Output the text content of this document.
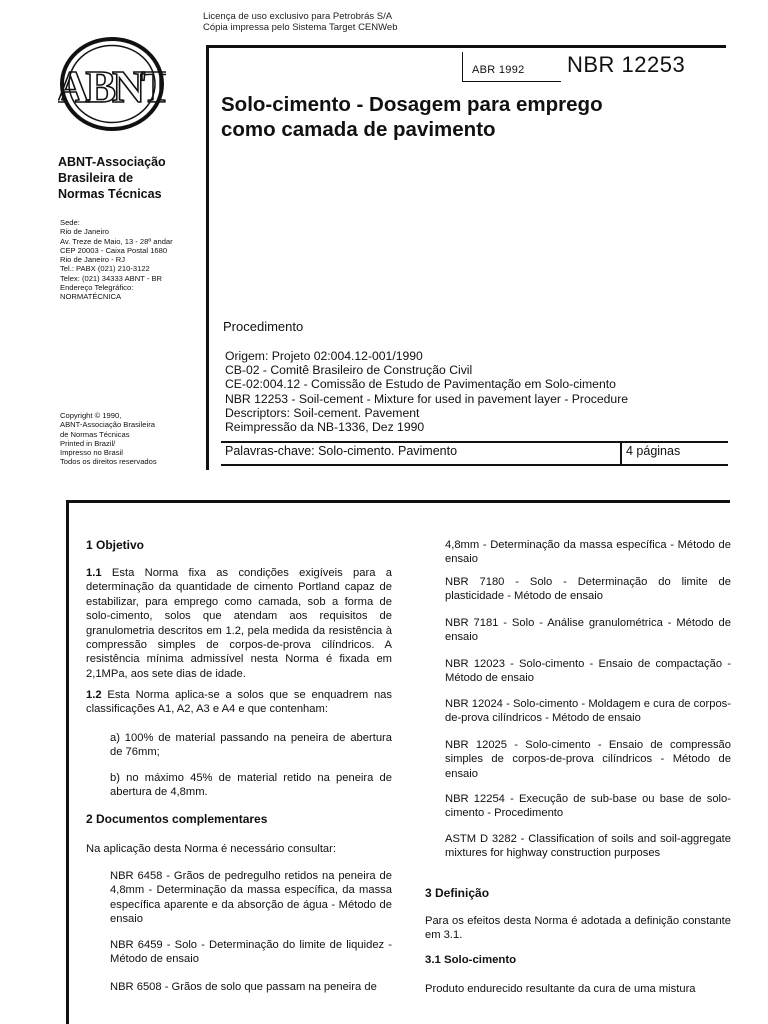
Licença de uso exclusivo para Petrobrás S/A
Cópia impressa pelo Sistema Target CENWeb
ABNT
ABNT-Associação
Brasileira de
Normas Técnicas
Sede:
Rio de Janeiro
Av. Treze de Maio, 13 - 28º andar
CEP 20003 - Caixa Postal 1680
Rio de Janeiro - RJ
Tel.: PABX (021) 210-3122
Telex: (021) 34333 ABNT - BR
Endereço Telegráfico:
NORMATÉCNICA
Copyright © 1990,
ABNT-Associação Brasileira
de Normas Técnicas
Printed in Brazil/
Impresso no Brasil
Todos os direitos reservados
ABR 1992 NBR 12253
Solo-cimento - Dosagem para emprego
como camada de pavimento
Procedimento
Origem: Projeto 02:004.12-001/1990
CB-02 - Comitê Brasileiro de Construção Civil
CE-02:004.12 - Comissão de Estudo de Pavimentação em Solo-cimento
NBR 12253 - Soil-cement - Mixture for used in pavement layer - Procedure
Descriptors: Soil-cement. Pavement
Reimpressão da NB-1336, Dez 1990
Palavras-chave: Solo-cimento. Pavimento	4 páginas
1 Objetivo
1.1 Esta Norma fixa as condições exigíveis para a determinação da quantidade de cimento Portland capaz de estabilizar, para emprego como camada, sob a forma de solo-cimento, solos que atendam aos requisitos de granulometria descritos em 1.2, pela medida da resistência à compressão simples de corpos-de-prova cilíndricos. A resistência mínima admissível nesta Norma é fixada em 2,1MPa, aos sete dias de idade.
1.2 Esta Norma aplica-se a solos que se enquadrem nas classificações A1, A2, A3 e A4 e que contenham:
a) 100% de material passando na peneira de abertura de 76mm;
b) no máximo 45% de material retido na peneira de abertura de 4,8mm.
2 Documentos complementares
Na aplicação desta Norma é necessário consultar:
NBR 6458 - Grãos de pedregulho retidos na peneira de 4,8mm - Determinação da massa específica, da massa específica aparente e da absorção de água - Método de ensaio
NBR 6459 - Solo - Determinação do limite de liquidez - Método de ensaio
NBR 6508 - Grãos de solo que passam na peneira de
4,8mm - Determinação da massa específica - Método de ensaio
NBR 7180 - Solo - Determinação do limite de plasticidade - Método de ensaio
NBR 7181 - Solo - Análise granulométrica - Método de ensaio
NBR 12023 - Solo-cimento - Ensaio de compactação - Método de ensaio
NBR 12024 - Solo-cimento - Moldagem e cura de corpos-de-prova cilíndricos - Método de ensaio
NBR 12025 - Solo-cimento - Ensaio de compressão simples de corpos-de-prova cilíndricos - Método de ensaio
NBR 12254 - Execução de sub-base ou base de solo-cimento - Procedimento
ASTM D 3282 - Classification of soils and soil-aggregate mixtures for highway construction purposes
3 Definição
Para os efeitos desta Norma é adotada a definição constante em 3.1.
3.1 Solo-cimento
Produto endurecido resultante da cura de uma mistura
